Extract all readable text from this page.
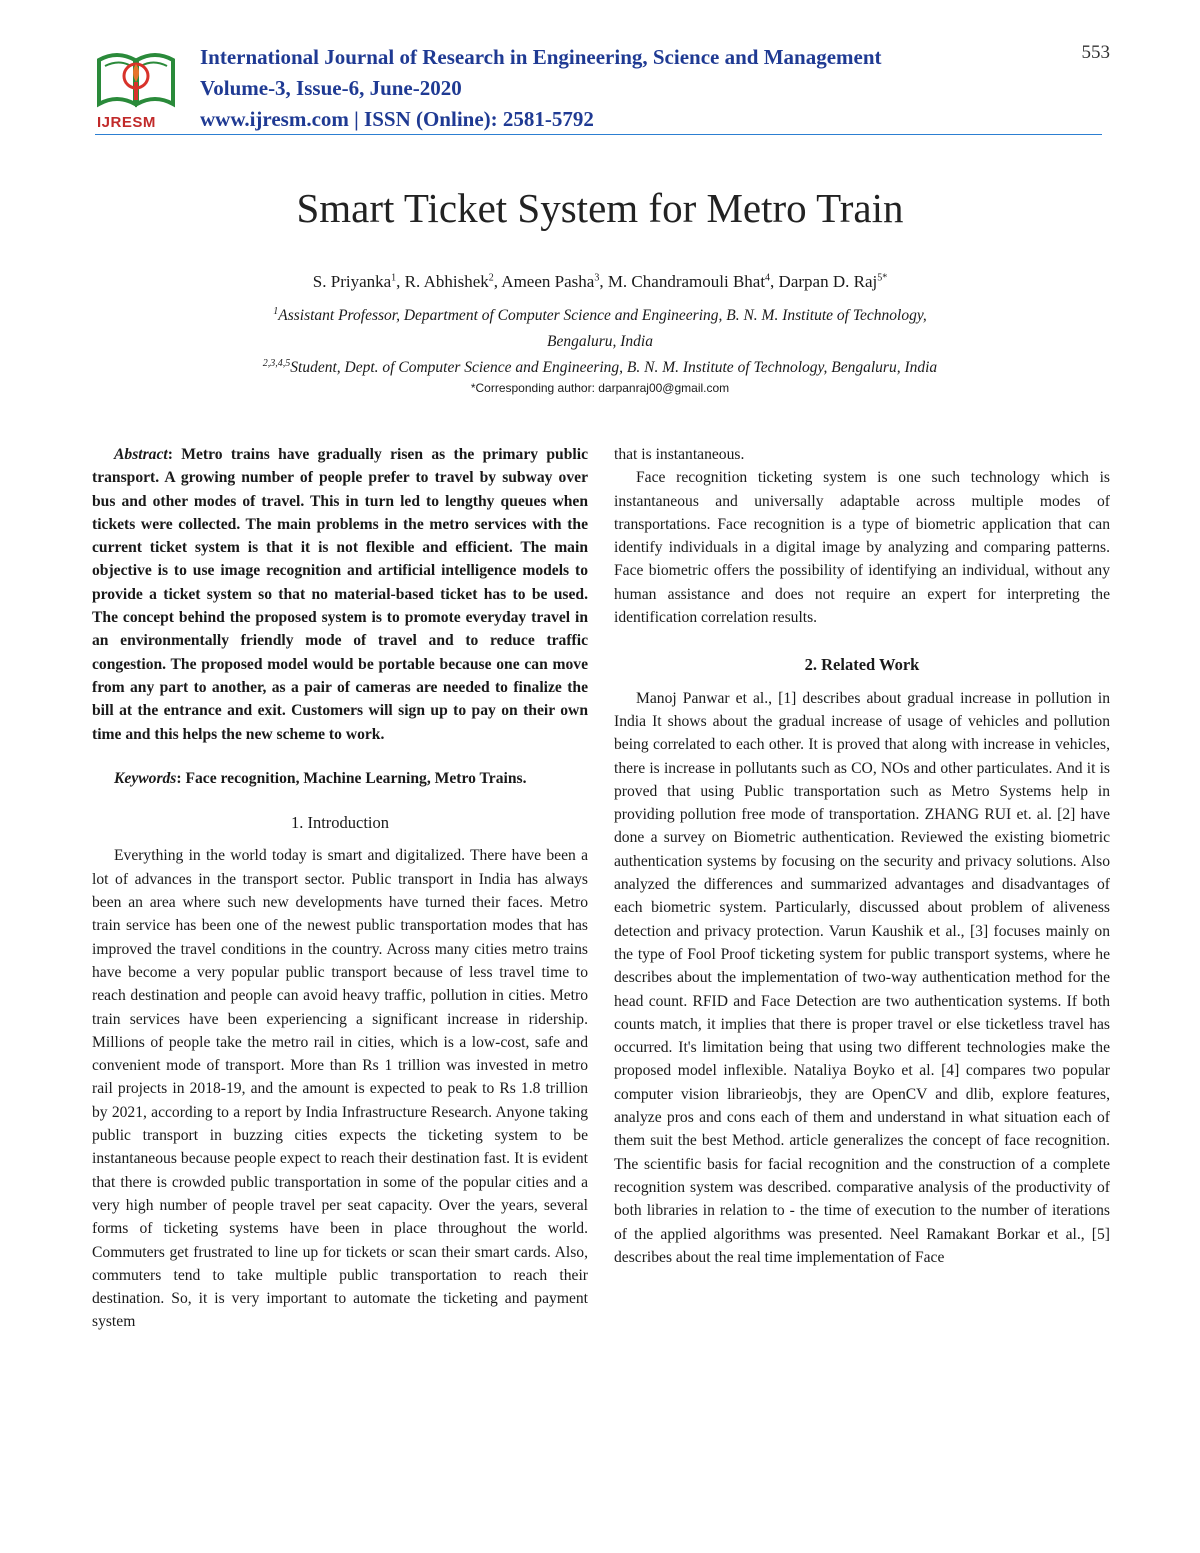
IJRESM
International Journal of Research in Engineering, Science and Management
Volume-3, Issue-6, June-2020
www.ijresm.com | ISSN (Online): 2581-5792
553
Smart Ticket System for Metro Train
S. Priyanka$^1$, R. Abhishek$^2$, Ameen Pasha$^3$, M. Chandramouli Bhat$^4$, Darpan D. Raj$^{5*}$
$^1$Assistant Professor, Department of Computer Science and Engineering, B. N. M. Institute of Technology,
Bengaluru, India
$^{2,3,4,5}$Student, Dept. of Computer Science and Engineering, B. N. M. Institute of Technology, Bengaluru, India
*Corresponding author: darpanraj00@gmail.com

Abstract: Metro trains have gradually risen as the primary public transport. A growing number of people prefer to travel by subway over bus and other modes of travel. This in turn led to lengthy queues when tickets were collected. The main problems in the metro services with the current ticket system is that it is not flexible and efficient. The main objective is to use image recognition and artificial intelligence models to provide a ticket system so that no material-based ticket has to be used. The concept behind the proposed system is to promote everyday travel in an environmentally friendly mode of travel and to reduce traffic congestion. The proposed model would be portable because one can move from any part to another, as a pair of cameras are needed to finalize the bill at the entrance and exit. Customers will sign up to pay on their own time and this helps the new scheme to work.

Keywords: Face recognition, Machine Learning, Metro Trains.

1. Introduction

Everything in the world today is smart and digitalized. There have been a lot of advances in the transport sector. Public transport in India has always been an area where such new developments have turned their faces. Metro train service has been one of the newest public transportation modes that has improved the travel conditions in the country. Across many cities metro trains have become a very popular public transport because of less travel time to reach destination and people can avoid heavy traffic, pollution in cities. Metro train services have been experiencing a significant increase in ridership. Millions of people take the metro rail in cities, which is a low-cost, safe and convenient mode of transport. More than Rs 1 trillion was invested in metro rail projects in 2018-19, and the amount is expected to peak to Rs 1.8 trillion by 2021, according to a report by India Infrastructure Research. Anyone taking public transport in buzzing cities expects the ticketing system to be instantaneous because people expect to reach their destination fast. It is evident that there is crowded public transportation in some of the popular cities and a very high number of people travel per seat capacity. Over the years, several forms of ticketing systems have been in place throughout the world. Commuters get frustrated to line up for tickets or scan their smart cards. Also, commuters tend to take multiple public transportation to reach their destination. So, it is very important to automate the ticketing and payment system

that is instantaneous.

Face recognition ticketing system is one such technology which is instantaneous and universally adaptable across multiple modes of transportations. Face recognition is a type of biometric application that can identify individuals in a digital image by analyzing and comparing patterns. Face biometric offers the possibility of identifying an individual, without any human assistance and does not require an expert for interpreting the identification correlation results.

2. Related Work

Manoj Panwar et al., [1] describes about gradual increase in pollution in India It shows about the gradual increase of usage of vehicles and pollution being correlated to each other. It is proved that along with increase in vehicles, there is increase in pollutants such as CO, NOs and other particulates. And it is proved that using Public transportation such as Metro Systems help in providing pollution free mode of transportation. ZHANG RUI et. al. [2] have done a survey on Biometric authentication. Reviewed the existing biometric authentication systems by focusing on the security and privacy solutions. Also analyzed the differences and summarized advantages and disadvantages of each biometric system. Particularly, discussed about problem of aliveness detection and privacy protection. Varun Kaushik et al., [3] focuses mainly on the type of Fool Proof ticketing system for public transport systems, where he describes about the implementation of two-way authentication method for the head count. RFID and Face Detection are two authentication systems. If both counts match, it implies that there is proper travel or else ticketless travel has occurred. It's limitation being that using two different technologies make the proposed model inflexible. Nataliya Boyko et al. [4] compares two popular computer vision librarieobjs, they are OpenCV and dlib, explore features, analyze pros and cons each of them and understand in what situation each of them suit the best Method. article generalizes the concept of face recognition. The scientific basis for facial recognition and the construction of a complete recognition system was described. comparative analysis of the productivity of both libraries in relation to - the time of execution to the number of iterations of the applied algorithms was presented. Neel Ramakant Borkar et al., [5] describes about the real time implementation of Face
